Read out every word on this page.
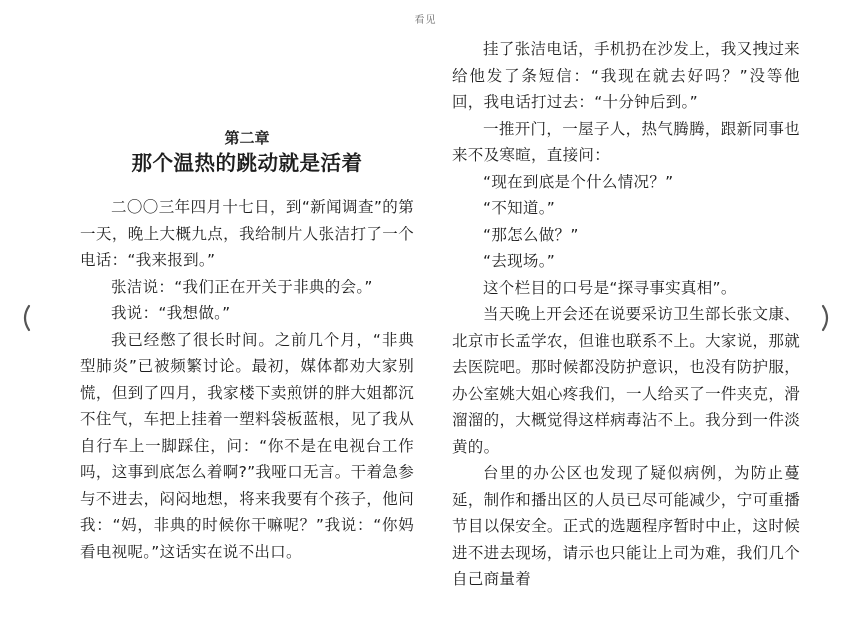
看见
第二章
那个温热的跳动就是活着

二〇〇三年四月十七日，到“新闻调查”的第一天，晚上大概九点，我给制片人张洁打了一个电话：“我来报到。”

张洁说：“我们正在开关于非典的会。”

我说：“我想做。”

我已经憋了很长时间。之前几个月，“非典型肺炎”已被频繁讨论。最初，媒体都劝大家别慌，但到了四月，我家楼下卖煎饼的胖大姐都沉不住气，车把上挂着一塑料袋板蓝根，见了我从自行车上一脚踩住，问：“你不是在电视台工作吗，这事到底怎么着啊?”我哑口无言。干着急参与不进去，闷闷地想，将来我要有个孩子，他问我：“妈，非典的时候你干嘛呢？”我说：“你妈看电视呢。”这话实在说不出口。

挂了张洁电话，手机扔在沙发上，我又拽过来给他发了条短信：“我现在就去好吗？”没等他回，我电话打过去：“十分钟后到。”

一推开门，一屋子人，热气腾腾，跟新同事也来不及寒暄，直接问：

“现在到底是个什么情况？”

“不知道。”

“那怎么做？”

“去现场。”

这个栏目的口号是“探寻事实真相”。

当天晚上开会还在说要采访卫生部长张文康、北京市长孟学农，但谁也联系不上。大家说，那就去医院吧。那时候都没防护意识，也没有防护服，办公室姚大姐心疼我们，一人给买了一件夹克，滑溜溜的，大概觉得这样病毒沾不上。我分到一件淡黄的。

台里的办公区也发现了疑似病例，为防止蔓延，制作和播出区的人员已尽可能减少，宁可重播节目以保安全。正式的选题程序暂时中止，这时候进不进去现场，请示也只能让上司为难，我们几个自己商量着
